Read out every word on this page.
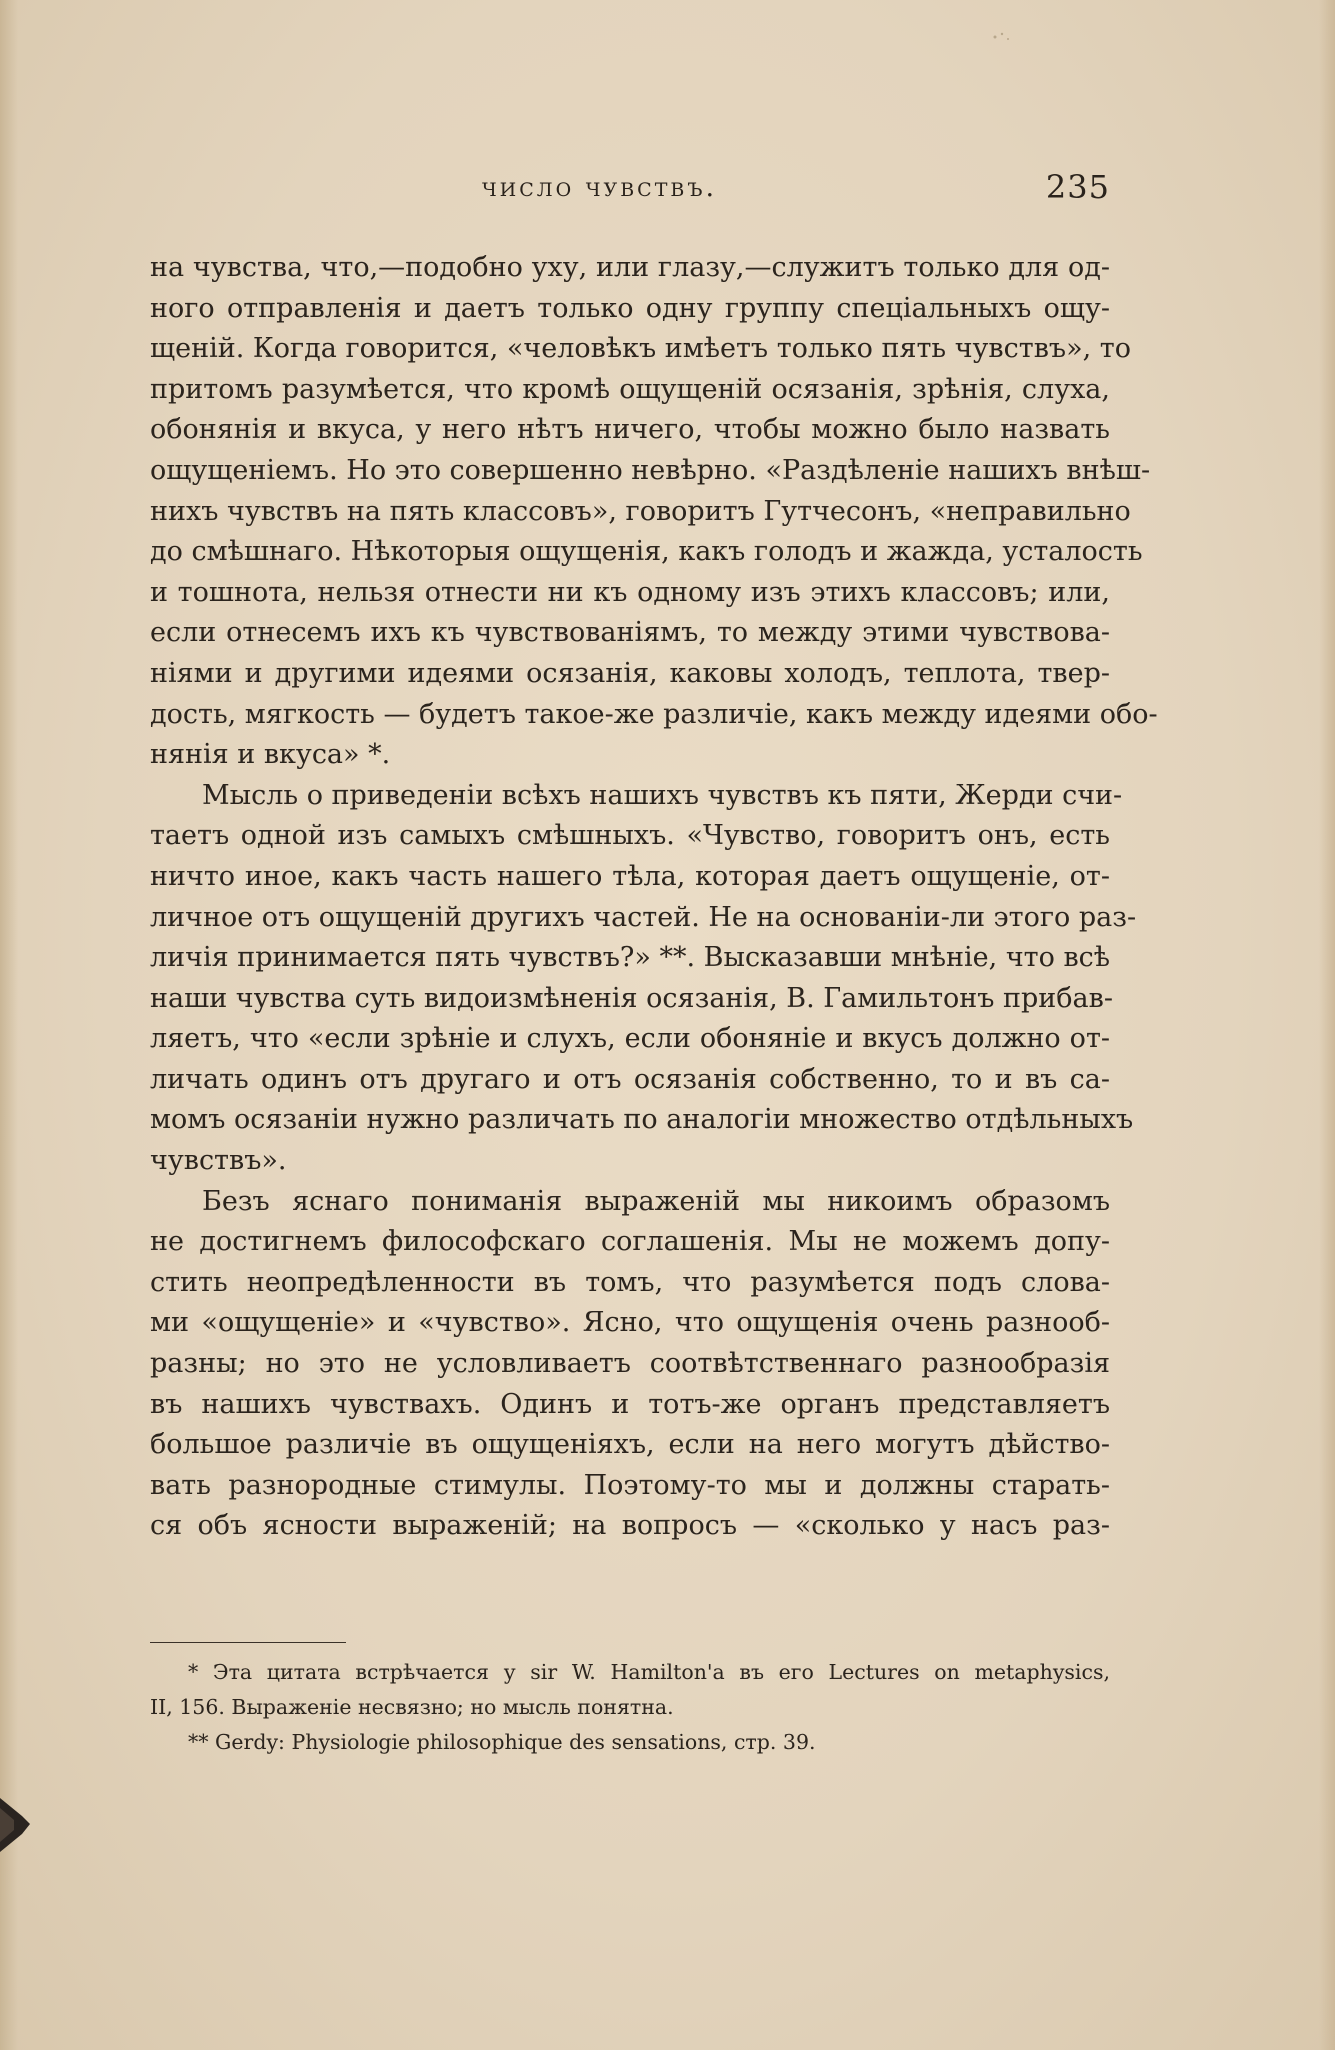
число чувствъ.	235
на чувства, что,—подобно уху, или глазу,—служитъ только для од-
ного отправленія и даетъ только одну группу спеціальныхъ ощу-
щеній. Когда говорится, «человѣкъ имѣетъ только пять чувствъ», то
притомъ разумѣется, что кромѣ ощущеній осязанія, зрѣнія, слуха,
обонянія и вкуса, у него нѣтъ ничего, чтобы можно было назвать
ощущеніемъ. Но это совершенно невѣрно. «Раздѣленіе нашихъ внѣш-
нихъ чувствъ на пять классовъ», говоритъ Гутчесонъ, «неправильно
до смѣшнаго. Нѣкоторыя ощущенія, какъ голодъ и жажда, усталость
и тошнота, нельзя отнести ни къ одному изъ этихъ классовъ; или,
если отнесемъ ихъ къ чувствованіямъ, то между этими чувствова-
ніями и другими идеями осязанія, каковы холодъ, теплота, твер-
дость, мягкость — будетъ такое-же различіе, какъ между идеями обо-
нянія и вкуса» *.
Мысль о приведеніи всѣхъ нашихъ чувствъ къ пяти, Жерди счи-
таетъ одной изъ самыхъ смѣшныхъ. «Чувство, говоритъ онъ, есть
ничто иное, какъ часть нашего тѣла, которая даетъ ощущеніе, от-
личное отъ ощущеній другихъ частей. Не на основаніи-ли этого раз-
личія принимается пять чувствъ?» **. Высказавши мнѣніе, что всѣ
наши чувства суть видоизмѣненія осязанія, В. Гамильтонъ прибав-
ляетъ, что «если зрѣніе и слухъ, если обоняніе и вкусъ должно от-
личать одинъ отъ другаго и отъ осязанія собственно, то и въ са-
момъ осязаніи нужно различать по аналогіи множество отдѣльныхъ
чувствъ».
Безъ яснаго пониманія выраженій мы никоимъ образомъ
не достигнемъ философскаго соглашенія. Мы не можемъ допу-
стить неопредѣленности въ томъ, что разумѣется подъ слова-
ми «ощущеніе» и «чувство». Ясно, что ощущенія очень разнооб-
разны; но это не условливаетъ соотвѣтственнаго разнообразія
въ нашихъ чувствахъ. Одинъ и тотъ-же органъ представляетъ
большое различіе въ ощущеніяхъ, если на него могутъ дѣйство-
вать разнородные стимулы. Поэтому-то мы и должны старать-
ся объ ясности выраженій; на вопросъ — «сколько у насъ раз-
* Эта цитата встрѣчается у sir W. Hamilton'а въ его Lectures on metaphysics,
II, 156. Выраженіе несвязно; но мысль понятна.
** Gerdy: Physiologie philosophique des sensations, стр. 39.
